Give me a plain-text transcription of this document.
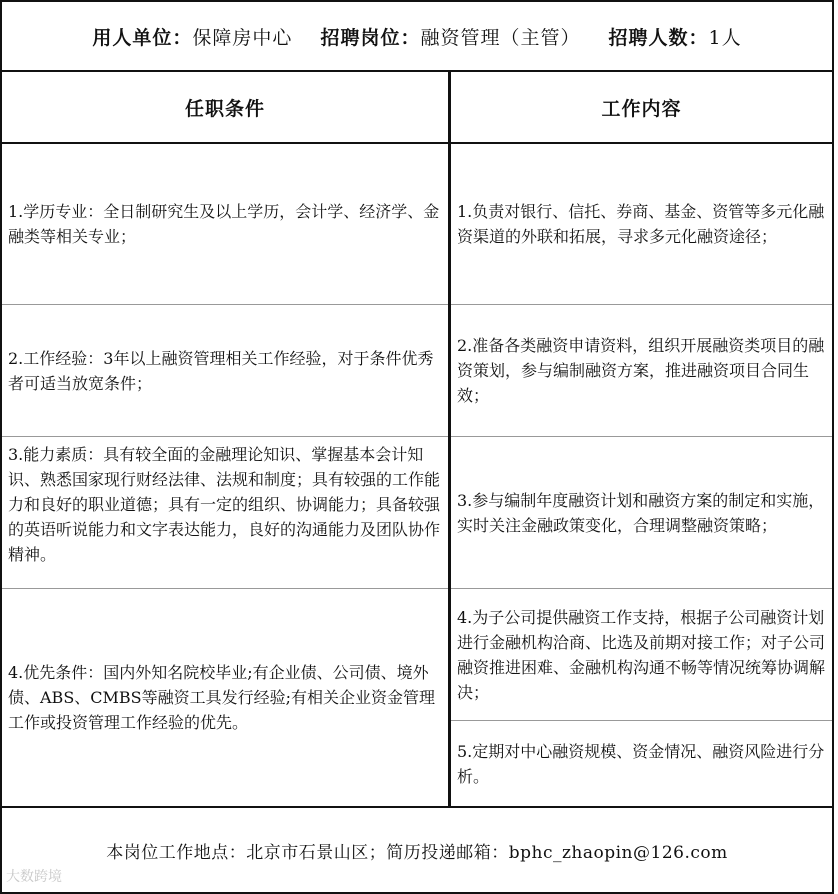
用人单位：保障房中心 招聘岗位：融资管理（主管） 招聘人数：1人
任职条件	工作内容
1.学历专业：全日制研究生及以上学历，会计学、经济学、金融类等相关专业；
2.工作经验：3年以上融资管理相关工作经验，对于条件优秀者可适当放宽条件；
3.能力素质：具有较全面的金融理论知识、掌握基本会计知识、熟悉国家现行财经法律、法规和制度；具有较强的工作能力和良好的职业道德；具有一定的组织、协调能力；具备较强的英语听说能力和文字表达能力，良好的沟通能力及团队协作精神。
4.优先条件：国内外知名院校毕业;有企业债、公司债、境外债、ABS、CMBS等融资工具发行经验;有相关企业资金管理工作或投资管理工作经验的优先。
1.负责对银行、信托、券商、基金、资管等多元化融资渠道的外联和拓展，寻求多元化融资途径；
2.准备各类融资申请资料，组织开展融资类项目的融资策划，参与编制融资方案，推进融资项目合同生效；
3.参与编制年度融资计划和融资方案的制定和实施，实时关注金融政策变化，合理调整融资策略；
4.为子公司提供融资工作支持，根据子公司融资计划进行金融机构洽商、比选及前期对接工作；对子公司融资推进困难、金融机构沟通不畅等情况统筹协调解决；
5.定期对中心融资规模、资金情况、融资风险进行分析。
本岗位工作地点：北京市石景山区；简历投递邮箱：bphc_zhaopin@126.com
大数跨境
